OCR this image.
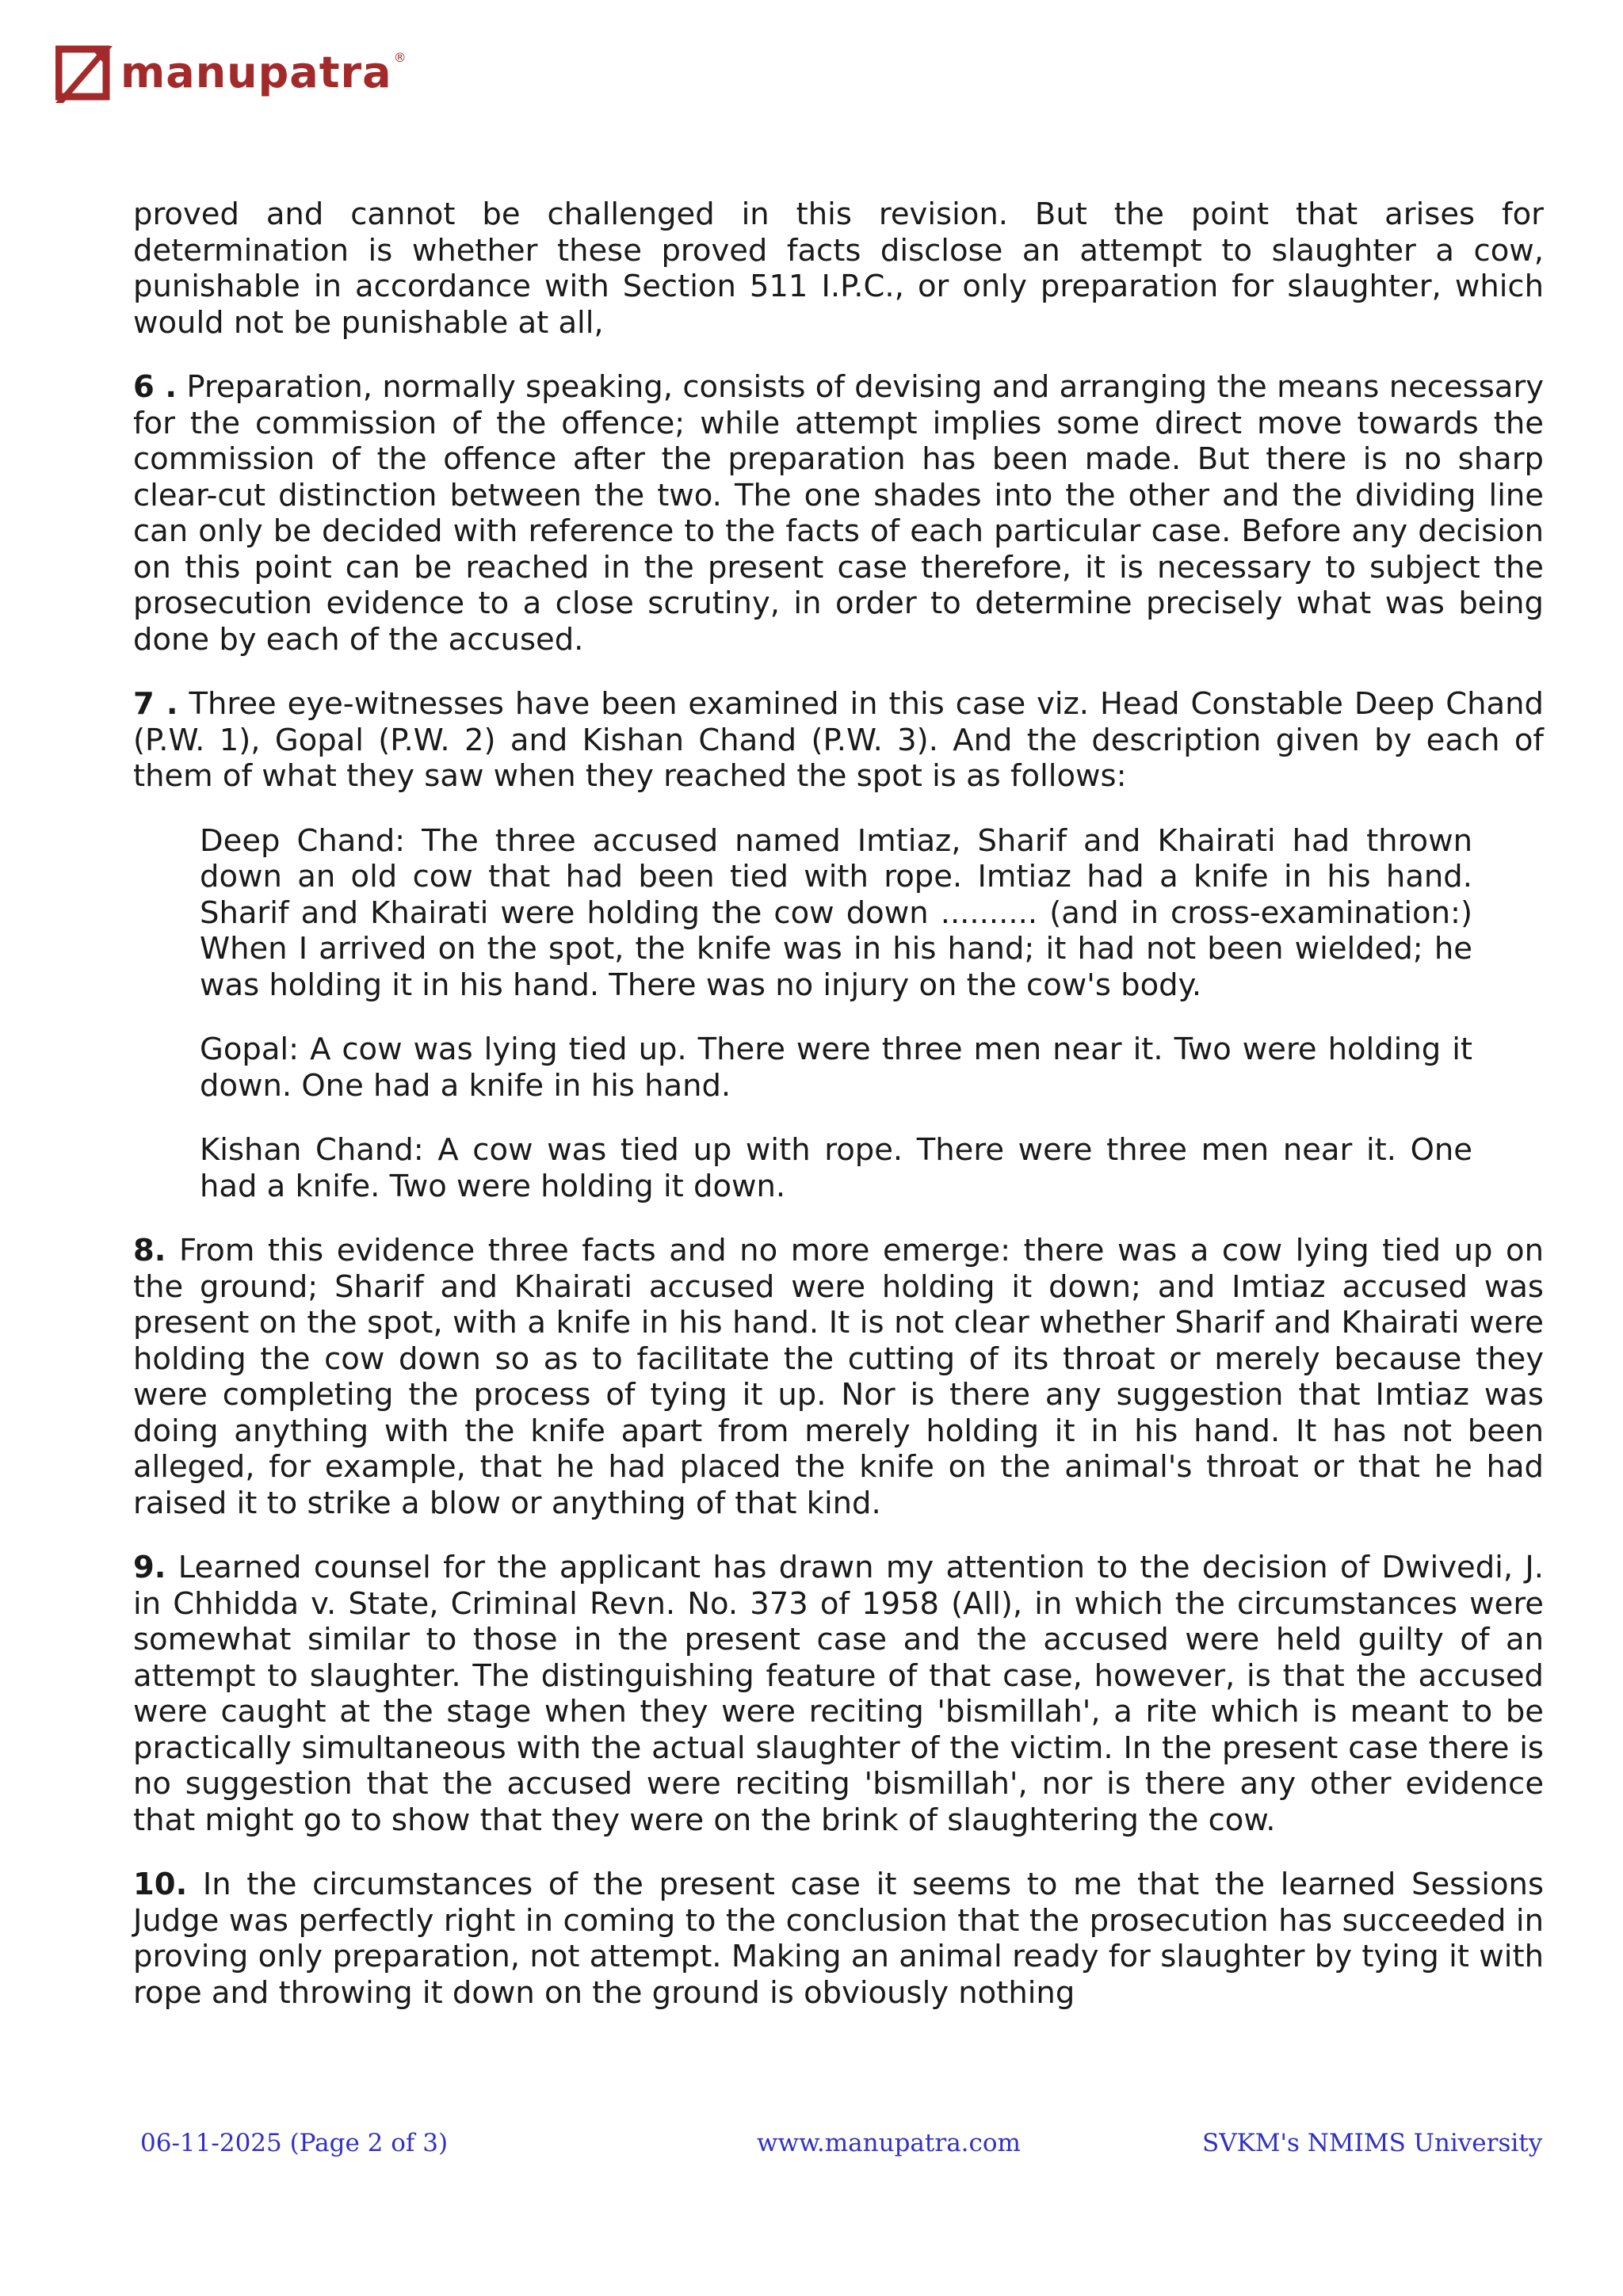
manupatra ®

proved and cannot be challenged in this revision. But the point that arises for determination is whether these proved facts disclose an attempt to slaughter a cow, punishable in accordance with Section 511 I.P.C., or only preparation for slaughter, which would not be punishable at all,

6 . Preparation, normally speaking, consists of devising and arranging the means necessary for the commission of the offence; while attempt implies some direct move towards the commission of the offence after the preparation has been made. But there is no sharp clear-cut distinction between the two. The one shades into the other and the dividing line can only be decided with reference to the facts of each particular case. Before any decision on this point can be reached in the present case therefore, it is necessary to subject the prosecution evidence to a close scrutiny, in order to determine precisely what was being done by each of the accused.

7 . Three eye-witnesses have been examined in this case viz. Head Constable Deep Chand (P.W. 1), Gopal (P.W. 2) and Kishan Chand (P.W. 3). And the description given by each of them of what they saw when they reached the spot is as follows:

Deep Chand: The three accused named Imtiaz, Sharif and Khairati had thrown down an old cow that had been tied with rope. Imtiaz had a knife in his hand. Sharif and Khairati were holding the cow down .......... (and in cross-examination:) When I arrived on the spot, the knife was in his hand; it had not been wielded; he was holding it in his hand. There was no injury on the cow's body.

Gopal: A cow was lying tied up. There were three men near it. Two were holding it down. One had a knife in his hand.

Kishan Chand: A cow was tied up with rope. There were three men near it. One had a knife. Two were holding it down.

8. From this evidence three facts and no more emerge: there was a cow lying tied up on the ground; Sharif and Khairati accused were holding it down; and Imtiaz accused was present on the spot, with a knife in his hand. It is not clear whether Sharif and Khairati were holding the cow down so as to facilitate the cutting of its throat or merely because they were completing the process of tying it up. Nor is there any suggestion that Imtiaz was doing anything with the knife apart from merely holding it in his hand. It has not been alleged, for example, that he had placed the knife on the animal's throat or that he had raised it to strike a blow or anything of that kind.

9. Learned counsel for the applicant has drawn my attention to the decision of Dwivedi, J. in Chhidda v. State, Criminal Revn. No. 373 of 1958 (All), in which the circumstances were somewhat similar to those in the present case and the accused were held guilty of an attempt to slaughter. The distinguishing feature of that case, however, is that the accused were caught at the stage when they were reciting 'bismillah', a rite which is meant to be practically simultaneous with the actual slaughter of the victim. In the present case there is no suggestion that the accused were reciting 'bismillah', nor is there any other evidence that might go to show that they were on the brink of slaughtering the cow.

10. In the circumstances of the present case it seems to me that the learned Sessions Judge was perfectly right in coming to the conclusion that the prosecution has succeeded in proving only preparation, not attempt. Making an animal ready for slaughter by tying it with rope and throwing it down on the ground is obviously nothing

06-11-2025 (Page 2 of 3)	www.manupatra.com	SVKM's NMIMS University
